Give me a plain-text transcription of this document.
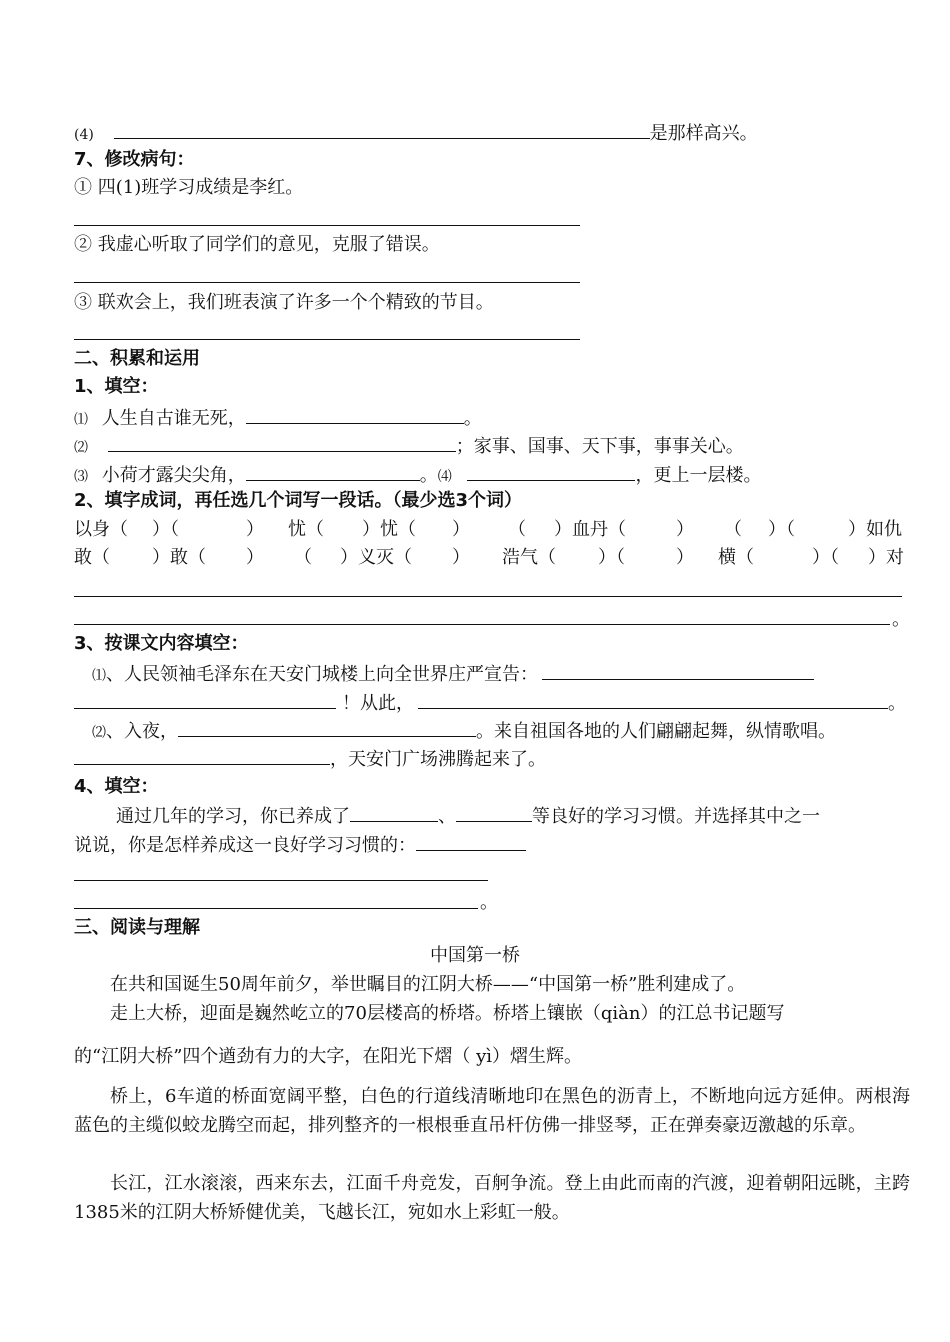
(4)	是那样高兴。
7、修改病句：
① 四(1)班学习成绩是李红。
② 我虚心听取了同学们的意见，克服了错误。
③ 联欢会上，我们班表演了许多一个个精致的节目。
二、积累和运用
1、填空：
⑴ 人生自古谁无死，	。
⑵	；家事、国事、天下事，事事关心。
⑶ 小荷才露尖尖角，	。⑷	，更上一层楼。
2、填字成词，再任选几个词写一段话。（最少选3个词）
以身（ ）（	） 忧（ ）忧（ ） （ ）血丹（	） （ ）（	）如仇
敢（ ）敢（ ） （ ）义灭（ ） 浩气（ ）（	） 横（	）（ ）对
。
3、按课文内容填空：
⑴、人民领袖毛泽东在天安门城楼上向全世界庄严宣告：
！从此，	。
⑵、入夜，	。来自祖国各地的人们翩翩起舞，纵情歌唱。
，天安门广场沸腾起来了。
4、填空：
通过几年的学习，你已养成了	、	等良好的学习习惯。并选择其中之一
说说，你是怎样养成这一良好学习习惯的：
。
三、阅读与理解
中国第一桥
在共和国诞生50周年前夕，举世瞩目的江阴大桥——“中国第一桥”胜利建成了。
走上大桥，迎面是巍然屹立的70层楼高的桥塔。桥塔上镶嵌（qiàn）的江总书记题写
的“江阴大桥”四个遒劲有力的大字，在阳光下熠（ yì）熠生辉。
桥上，6车道的桥面宽阔平整，白色的行道线清晰地印在黑色的沥青上，不断地向远方延伸。两根海蓝色的主缆似蛟龙腾空而起，排列整齐的一根根垂直吊杆仿佛一排竖琴，正在弹奏豪迈激越的乐章。
长江，江水滚滚，西来东去，江面千舟竞发，百舸争流。登上由此而南的汽渡，迎着朝阳远眺，主跨1385米的江阴大桥矫健优美，飞越长江，宛如水上彩虹一般。
